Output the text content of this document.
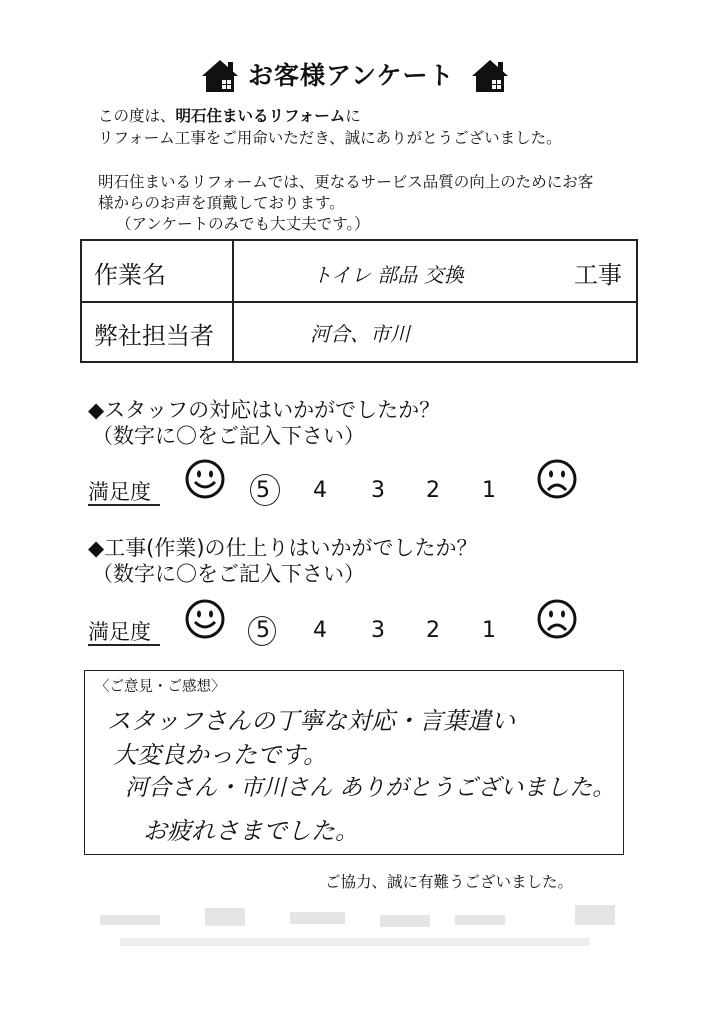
お客様アンケート
この度は、明石住まいるリフォームに
リフォーム工事をご用命いただき、誠にありがとうございました。
明石住まいるリフォームでは、更なるサービス品質の向上のためにお客
様からのお声を頂戴しております。
（アンケートのみでも大丈夫です。）
作業名	トイレ 部品 交換	工事
弊社担当者	河合、市川
◆スタッフの対応はいかがでしたか？
（数字に〇をご記入下さい）
満足度	5 4 3 2 1
◆工事(作業)の仕上りはいかがでしたか？
（数字に〇をご記入下さい）
満足度	5 4 3 2 1
〈ご意見・ご感想〉
スタッフさんの丁寧な対応・言葉遣い
大変良かったです。
河合さん・市川さん ありがとうございました。
お疲れさまでした。
ご協力、誠に有難うございました。
